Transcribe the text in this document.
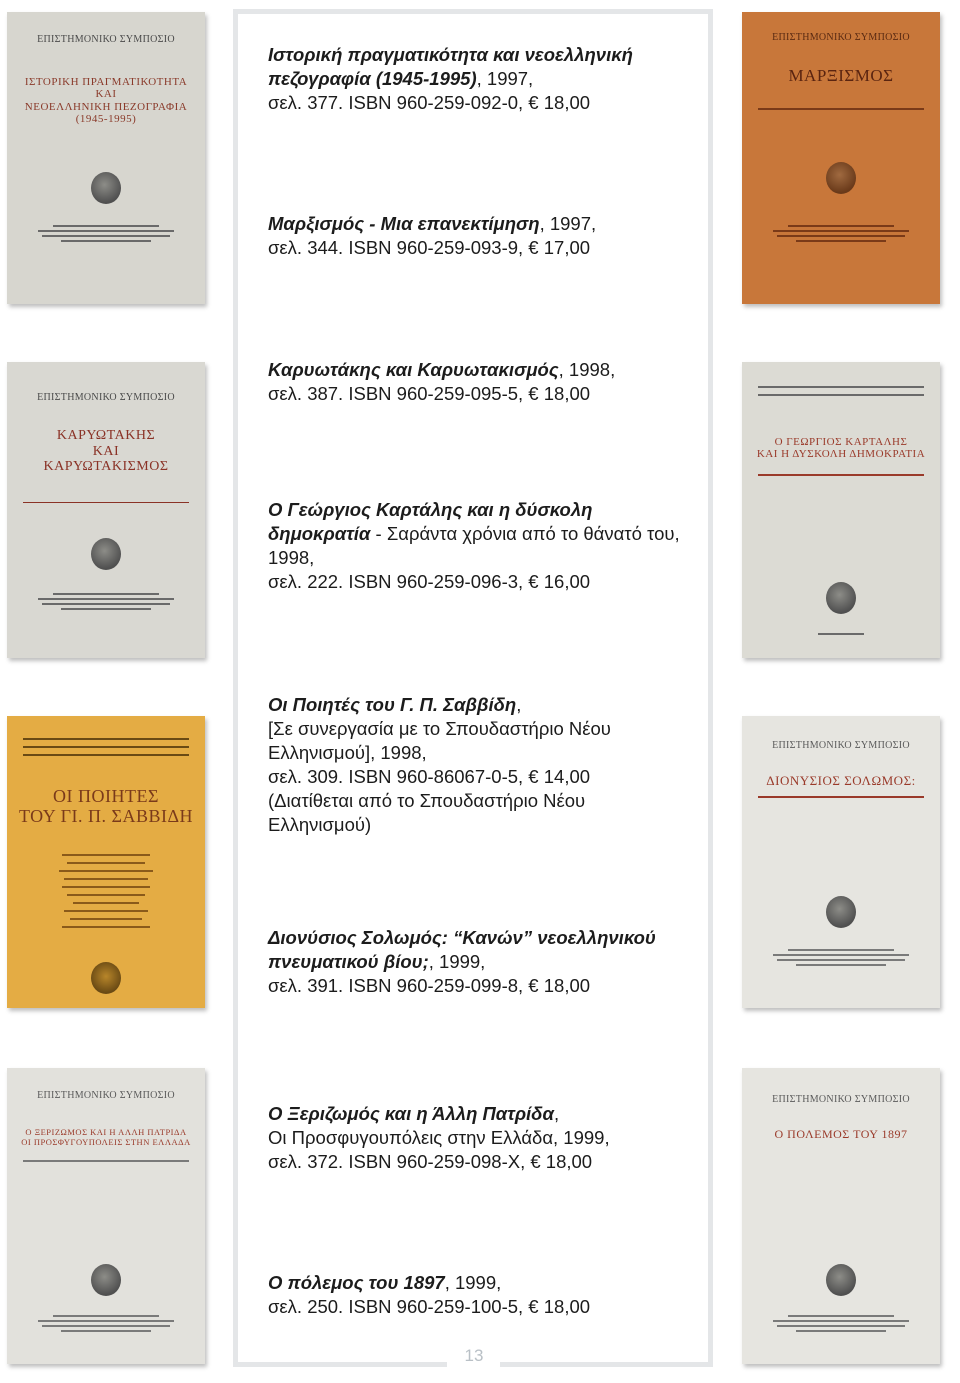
13
ΕΠΙΣΤΗΜΟΝΙΚΟ ΣΥΜΠΟΣΙΟ
ΙΣΤΟΡΙΚΗ ΠΡΑΓΜΑΤΙΚΟΤΗΤΑ
ΚΑΙ
ΝΕΟΕΛΛΗΝΙΚΗ ΠΕΖΟΓΡΑΦΙΑ
(1945-1995)
ΕΠΙΣΤΗΜΟΝΙΚΟ ΣΥΜΠΟΣΙΟ
ΜΑΡΞΙΣΜΟΣ
ΕΠΙΣΤΗΜΟΝΙΚΟ ΣΥΜΠΟΣΙΟ
ΚΑΡΥΩΤΑΚΗΣ
ΚΑΙ
ΚΑΡΥΩΤΑΚΙΣΜΟΣ
Ο ΓΕΩΡΓΙΟΣ ΚΑΡΤΑΛΗΣ
ΚΑΙ Η ΔΥΣΚΟΛΗ ΔΗΜΟΚΡΑΤΙΑ
ΟΙ ΠΟΙΗΤΕΣ
ΤΟΥ ΓΙ. Π. ΣΑΒΒΙΔΗ
ΕΠΙΣΤΗΜΟΝΙΚΟ ΣΥΜΠΟΣΙΟ
ΔΙΟΝΥΣΙΟΣ ΣΟΛΩΜΟΣ:
ΕΠΙΣΤΗΜΟΝΙΚΟ ΣΥΜΠΟΣΙΟ
Ο ΞΕΡΙΖΩΜΟΣ ΚΑΙ Η ΑΛΛΗ ΠΑΤΡΙΔΑ
ΟΙ ΠΡΟΣΦΥΓΟΥΠΟΛΕΙΣ ΣΤΗΝ ΕΛΛΑΔΑ
ΕΠΙΣΤΗΜΟΝΙΚΟ ΣΥΜΠΟΣΙΟ
Ο ΠΟΛΕΜΟΣ ΤΟΥ 1897
Ιστορική πραγματικότητα και νεοελληνική πεζογραφία (1945-1995), 1997,
σελ. 377. ISBN 960-259-092-0, € 18,00
Μαρξισμός - Μια επανεκτίμηση, 1997,
σελ. 344. ISBN 960-259-093-9, € 17,00
Καρυωτάκης και Καρυωτακισμός, 1998,
σελ. 387. ISBN 960-259-095-5, € 18,00
Ο Γεώργιος Καρτάλης και η δύσκολη δημοκρατία - Σαράντα χρόνια από το θάνατό του, 1998,
σελ. 222. ISBN 960-259-096-3, € 16,00
Οι Ποιητές του Γ. Π. Σαββίδη,
[Σε συνεργασία με το Σπουδαστήριο Νέου Ελληνισμού], 1998,
σελ. 309. ISBN 960-86067-0-5, € 14,00
(Διατίθεται από το Σπουδαστήριο Νέου Ελληνισμού)
Διονύσιος Σολωμός: “Κανών” νεοελληνικού πνευματικού βίου;, 1999,
σελ. 391. ISBN 960-259-099-8, € 18,00
Ο Ξεριζωμός και η Άλλη Πατρίδα,
Οι Προσφυγουπόλεις στην Ελλάδα, 1999,
σελ. 372. ISBN 960-259-098-X, € 18,00
Ο πόλεμος του 1897, 1999,
σελ. 250. ISBN 960-259-100-5, € 18,00
